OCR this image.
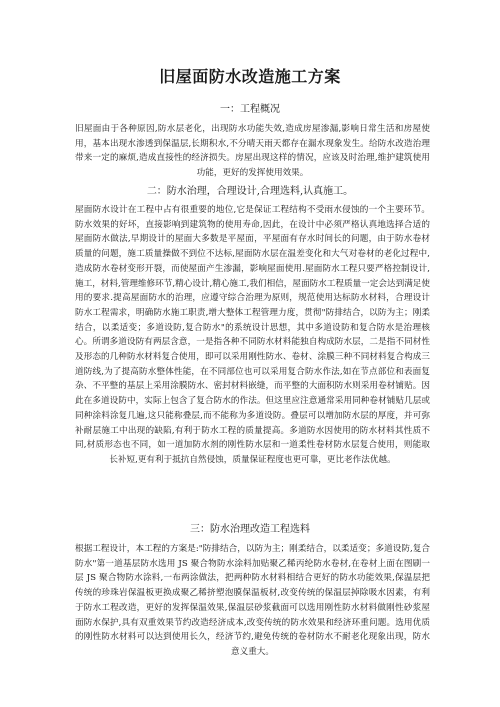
旧屋面防水改造施工方案
一：工程概况

旧屋面由于各种原因,防水层老化，出现防水功能失效,造成房屋渗漏,影响日常生活和房屋使用，基本出现水渗透到保温层,长期积水,不分晴天雨天都存在漏水现象发生。给防水改造治理带来一定的麻烦,造成直接性的经济损失。房屋出现这样的情况，应该及时治理,维护建筑使用功能，更好的发挥使用效果。

二：防水治理，合理设计,合理选料,认真施工。

屋面防水设计在工程中占有很重要的地位,它是保证工程结构不受雨水侵蚀的一个主要环节。防水效果的好坏，直接影响到建筑物的使用寿命,因此，在设计中必须严格认真地选择合适的屋面防水做法,早期设计的屋面大多数是平屋面，平屋面有存水时间长的问题，由于防水卷材质量的问题，施工质量操做不到位不达标,屋面防水层在温差变化和大气对卷材的老化过程中,造成防水卷材变形开裂，而使屋面产生渗漏，影响屋面使用.屋面防水工程只要严格控制设计,施工，材料,管理维修环节,精心设计,精心施工,我们相信，屋面防水工程质量一定会达到满足使用的要求.提高屋面防水的治理，应遵守综合治理为原则，规范使用达标防水材料，合理设计防水工程需求，明确防水施工职责,增大整体工程管理力度，贯彻"防排结合，以防为主；刚柔结合，以柔适变；多道设防,复合防水"的系统设计思想，其中多道设防和复合防水是治理核心。所谓多道设防有两层含意，一是指各种不同防水材料能独自构成防水层，二是指不同材性及形态的几种防水材料复合使用，即可以采用刚性防水、卷材、涂膜三种不同材料复合构成三道防线,为了提高防水整体性能，在不同部位也可以采用复合防水作法,如在节点部位和表面复杂、不平整的基层上采用涂膜防水、密封材料嵌缝，而平整的大面积防水则采用卷材铺贴。因此在多道设防中，实际上包含了复合防水的作法。但这里应注意通常采用同种卷材铺贴几层或同种涂料涂复几遍,这只能称叠层,而不能称为多道设防。叠层可以增加防水层的厚度，并可弥补耐层施工中出现的缺陷,有利于防水工程的质量提高。多道防水因使用的防水材料其性质不同,材质形态也不同，如一道加防水剂的刚性防水层和一道柔性卷材防水层复合使用，则能取长补短,更有利于抵抗自然侵蚀，质量保证程度也更可靠，更比老作法优越。

三：防水治理改造工程选料

根据工程设计，本工程的方案是:"防排结合，以防为主；刚柔结合，以柔适变；多道设防,复合防水"第一道基层防水选用 JS 聚合物防水涂料加贴聚乙稀丙纶防水卷材,在卷材上面在图刷一层 JS 聚合物防水涂料,一布两涂做法，把两种防水材料相结合更好的防水功能效果,保温层把传统的珍珠岩保温板更换成聚乙稀挤塑泡膜保温板材,改变传统的保温层掉除吸水因素，有利于防水工程改造，更好的发挥保温效果,保温层砂浆截面可以选用刚性防水材料做刚性砂浆屋面防水保护,具有双重效果节约改造经济成本,改变传统的防水效果和经济环重问题。选用优质的刚性防水材料可以达到使用长久，经济节约,避免传统的卷材防水不耐老化现象出现，防水意义重大。
